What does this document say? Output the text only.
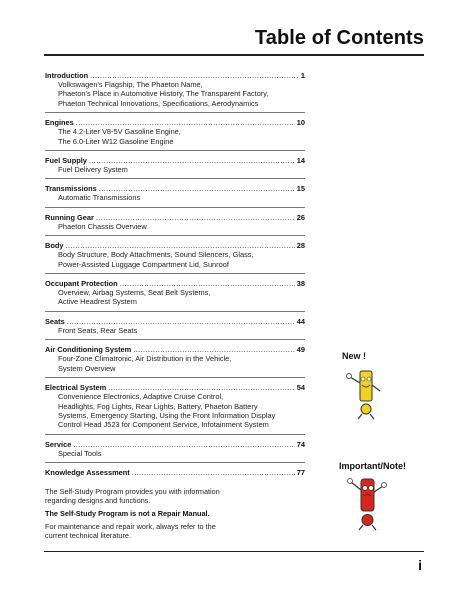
Table of Contents
Introduction .....	1
Volkswagen's Flagship, The Phaeton Name,
Phaeton's Place in Automotive History, The Transparent Factory,
Phaeton Technical Innovations, Specifications, Aerodynamics
Engines .....	10
The 4.2-Liter V8-5V Gasoline Engine,
The 6.0-Liter W12 Gasoline Engine
Fuel Supply .....	14
Fuel Delivery System
Transmissions .....	15
Automatic Transmissions
Running Gear .....	26
Phaeton Chassis Overview
Body .....	28
Body Structure, Body Attachments, Sound Silencers, Glass,
Power-Assisted Luggage Compartment Lid, Sunroof
Occupant Protection .....	38
Overview, Airbag Systems, Seat Belt Systems,
Active Headrest System
Seats .....	44
Front Seats, Rear Seats
Air Conditioning System .....	49
Four-Zone Climatronic, Air Distribution in the Vehicle,
System Overview
Electrical System .....	54
Convenience Electronics, Adaptive Cruise Control,
Headlights, Fog Lights, Rear Lights, Battery, Phaeton Battery
Systems, Emergency Starting, Using the Front Information Display
Control Head J523 for Component Service, Infotainment System
Service .....	74
Special Tools
Knowledge Assessment .....	77
New !
Important/Note!
The Self-Study Program provides you with information
regarding designs and functions.
The Self-Study Program is not a Repair Manual.
For maintenance and repair work, always refer to the
current technical literature.
i
